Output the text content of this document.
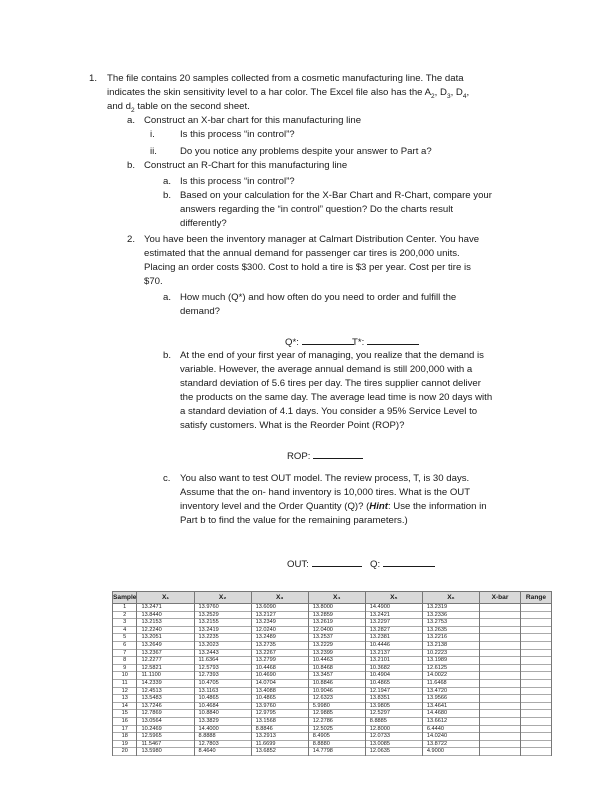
1. The file contains 20 samples collected from a cosmetic manufacturing line. The data
indicates the skin sensitivity level to a har color. The Excel file also has the $A_2$, $D_3$, $D_4$,
and $d_2$ table on the second sheet.
a. Construct an X-bar chart for this manufacturing line
i.	Is this process “in control”?
ii. Do you notice any problems despite your answer to Part a?
b. Construct an R-Chart for this manufacturing line
a. Is this process “in control”?
b. Based on your calculation for the X-Bar Chart and R-Chart, compare your
answers regarding the “in control” question? Do the charts result
differently?
2. You have been the inventory manager at Calmart Distribution Center. You have
estimated that the annual demand for passenger car tires is 200,000 units.
Placing an order costs $300. Cost to hold a tire is $3 per year. Cost per tire is
$70.
a. How much (Q*) and how often do you need to order and fulfill the
demand?
Q*:	T*:
b. At the end of your first year of managing, you realize that the demand is
variable. However, the average annual demand is still 200,000 with a
standard deviation of 5.6 tires per day. The tires supplier cannot deliver
the products on the same day. The average lead time is now 20 days with
a standard deviation of 4.1 days. You consider a 95% Service Level to
satisfy customers. What is the Reorder Point (ROP)?
ROP:
c. You also want to test OUT model. The review process, T, is 30 days.
Assume that the on- hand inventory is 10,000 tires. What is the OUT
inventory level and the Order Quantity (Q)? (Hint: Use the information in
Part b to find the value for the remaining parameters.)
OUT:	Q:
Sample	X₁	X₂	X₃	X₄	X₅	X₆	X-bar	Range
1	13.2471	13.9760	13.6090	13.8000	14.4900	13.2319		
2	13.8440	13.2529	13.2127	13.2859	13.2421	13.2336		
3	13.2153	13.2155	13.2349	13.2619	13.2297	13.2753		
4	12.2240	13.2419	12.0240	12.0400	13.2827	13.2635		
5	13.2051	13.2235	13.2489	13.2537	13.2381	13.2216		
6	13.2649	13.2023	13.2735	13.2229	10.4446	13.2138		
7	13.2367	13.2443	13.2267	13.2399	13.2137	10.2223		
8	12.2277	11.6364	13.2799	10.4463	13.2101	13.1989		
9	12.5821	12.5793	10.4468	10.8468	10.3682	12.6125		
10	11.1100	12.7393	10.4690	13.3457	10.4904	14.0022		
11	14.2339	10.4705	14.0704	10.8846	10.4865	11.6468		
12	12.4513	13.1163	13.4088	10.9046	12.1947	13.4720		
13	13.5483	10.4865	10.4865	12.6323	13.8351	13.9566		
14	13.7246	10.4684	13.9760	5.9980	13.9805	13.4641		
15	12.7869	10.8840	12.9795	12.9885	12.5297	14.4680		
16	13.0564	13.3829	13.1568	12.2786	8.8885	13.6612		
17	10.2469	14.4000	8.8846	12.5025	12.8000	6.4440		
18	12.5965	8.8888	13.2913	8.4905	12.0733	14.0240		
19	11.5467	12.7803	11.6699	8.8880	13.0085	13.8722		
20	13.5980	8.4640	13.6852	14.7798	12.0635	4.9000		
